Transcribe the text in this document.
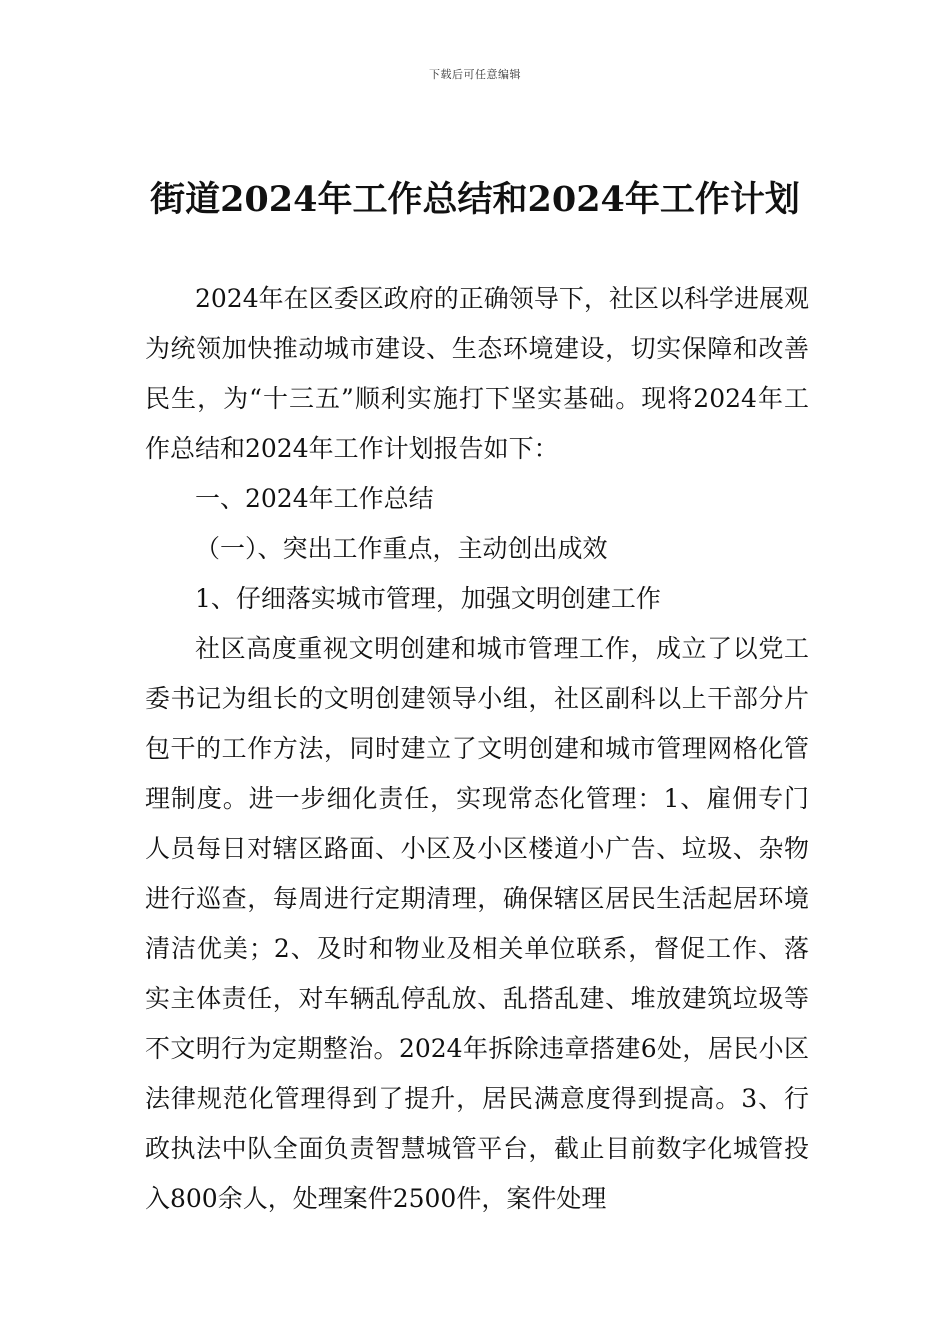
下载后可任意编辑
街道2024年工作总结和2024年工作计划

2024年在区委区政府的正确领导下，社区以科学进展观为统领加快推动城市建设、生态环境建设，切实保障和改善民生，为“十三五”顺利实施打下坚实基础。现将2024年工作总结和2024年工作计划报告如下：

一、2024年工作总结

（一）、突出工作重点，主动创出成效

1、仔细落实城市管理，加强文明创建工作

社区高度重视文明创建和城市管理工作，成立了以党工委书记为组长的文明创建领导小组，社区副科以上干部分片包干的工作方法，同时建立了文明创建和城市管理网格化管理制度。进一步细化责任，实现常态化管理：1、雇佣专门人员每日对辖区路面、小区及小区楼道小广告、垃圾、杂物进行巡查，每周进行定期清理，确保辖区居民生活起居环境清洁优美；2、及时和物业及相关单位联系，督促工作、落实主体责任，对车辆乱停乱放、乱搭乱建、堆放建筑垃圾等不文明行为定期整治。2024年拆除违章搭建6处，居民小区法律规范化管理得到了提升，居民满意度得到提高。3、行政执法中队全面负责智慧城管平台，截止目前数字化城管投入800余人，处理案件2500件，案件处理
